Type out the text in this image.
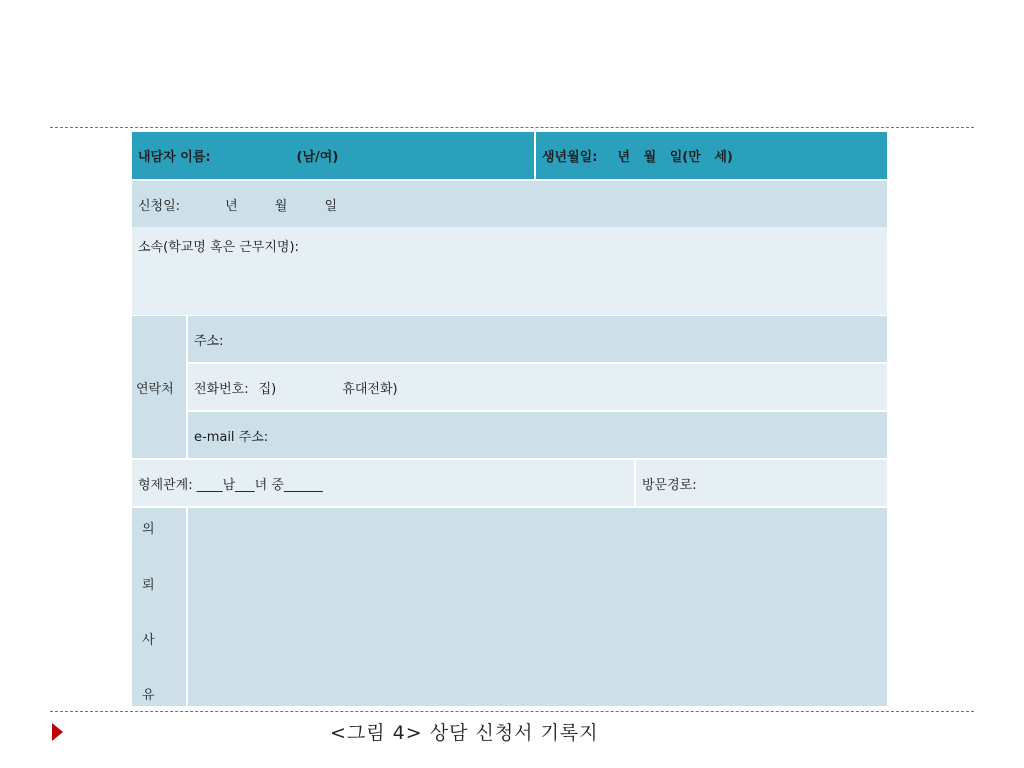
내담자 이름:	(남/여)	생년월일: 년   월   일(만   세)
신청일:	년         월         일
소속(학교명 혹은 근무지명):
연락처
주소:
전화번호: 집)	휴대전화)
e-mail 주소:
형제관계: ____남___녀 중______	방문경로:
의
뢰
사
유
<그림 4> 상담 신청서 기록지
